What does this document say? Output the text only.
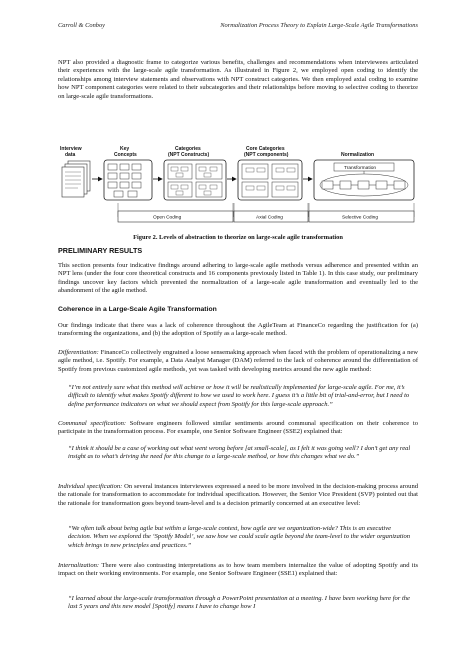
Carroll & Conboy	Normalization Process Theory to Explain Large-Scale Agile Transformations

NPT also provided a diagnostic frame to categorize various benefits, challenges and recommendations when interviewees articulated their experiences with the large-scale agile transformation. As illustrated in Figure 2, we employed open coding to identify the relationships among interview statements and observations with NPT construct categories. We then employed axial coding to examine how NPT component categories were related to their subcategories and their relationships before moving to selective coding to theorize on large-scale agile transformations.

Interview
data
Key
Concepts
Categories
(NPT Constructs)
Core Categories
(NPT components)	Normalization
Transformation
Open Coding	Axial Coding	Selective Coding

Figure 2. Levels of abstraction to theorize on large-scale agile transformation

PRELIMINARY RESULTS

This section presents four indicative findings around adhering to large-scale agile methods versus adherence and presented within an NPT lens (under the four core theoretical constructs and 16 components previously listed in Table 1). In this case study, our preliminary findings uncover key factors which prevented the normalization of a large-scale agile transformation and eventually led to the abandonment of the agile method.

Coherence in a Large-Scale Agile Transformation

Our findings indicate that there was a lack of coherence throughout the AgileTeam at FinanceCo regarding the justification for (a) transforming the organizations, and (b) the adoption of Spotify as a large-scale method.

Differentiation: FinanceCo collectively engrained a loose sensemaking approach when faced with the problem of operationalizing a new agile method, i.e. Spotify. For example, a Data Analyst Manager (DAM) referred to the lack of coherence around the differentiation of Spotify from previous customized agile methods, yet was tasked with developing metrics around the new agile method:

“I’m not entirely sure what this method will achieve or how it will be realistically implemented for large-scale agile. For me, it’s difficult to identify what makes Spotify different to how we used to work here. I guess it’s a little bit of trial-and-error, but I need to define performance indicators on what we should expect from Spotify for this large-scale approach.”

Communal specification: Software engineers followed similar sentiments around communal specification on their coherence to participate in the transformation process. For example, one Senior Software Engineer (SSE2) explained that:

“I think it should be a case of working out what went wrong before [at small-scale], as I felt it was going well? I don’t get any real insight as to what’s driving the need for this change to a large-scale method, or how this changes what we do.”

Individual specification: On several instances interviewees expressed a need to be more involved in the decision-making process around the rationale for transformation to accommodate for individual specification. However, the Senior Vice President (SVP) pointed out that the rationale for transformation goes beyond team-level and is a decision primarily concerned at an executive level:

“We often talk about being agile but within a large-scale context, how agile are we organization-wide? This is an executive decision. When we explored the ‘Spotify Model’, we saw how we could scale agile beyond the team-level to the wider organization which brings in new principles and practices.”

Internalization: There were also contrasting interpretations as to how team members internalize the value of adopting Spotify and its impact on their working environments. For example, one Senior Software Engineer (SSE1) explained that:

“I learned about the large-scale transformation through a PowerPoint presentation at a meeting. I have been working here for the last 5 years and this new model [Spotify] means I have to change how I
